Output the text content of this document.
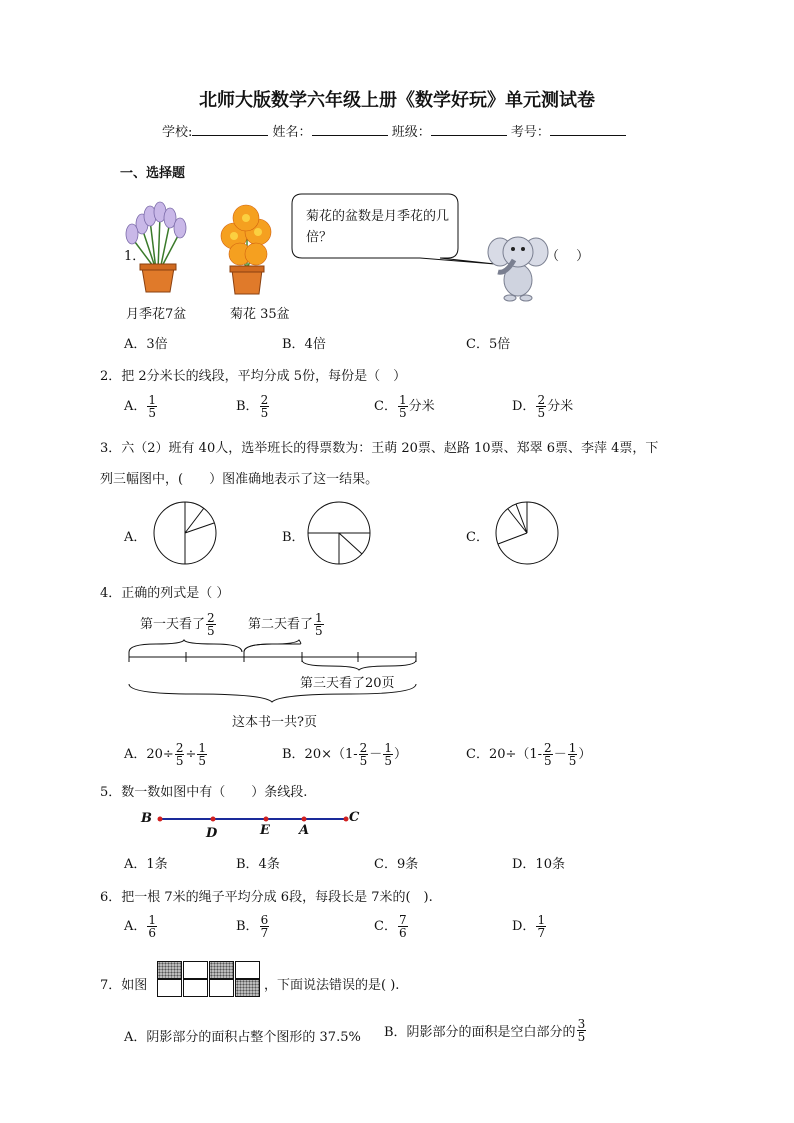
北师大版数学六年级上册《数学好玩》单元测试卷
学校:	姓名：	班级：	考号：
一、选择题
1．
菊花的盆数是月季花的几倍？
（　 ）
月季花7盆	菊花 35盆
A．3倍	B．4倍	C．5倍
2．把 2分米长的线段，平均分成 5份，每份是（　）
A． $\frac{1}{5}$	B． $\frac{2}{5}$	C． $\frac{1}{5}$ 分米	D． $\frac{2}{5}$ 分米
3．六（2）班有 40人，选举班长的得票数为：王萌 20票、赵路 10票、郑翠 6票、李萍 4票，下
列三幅图中，(　　）图准确地表示了这一结果。
A．	B．	C．
4．正确的列式是（ ）
第一天看了 $\frac{2}{5}$ 第二天看了 $\frac{1}{5}$
第三天看了20页
这本书一共?页
A．$20\div \frac{2}{5} \div \frac{1}{5}$	B．$20\times(1- \frac{2}{5} - \frac{1}{5}$ ）	C．$20\div(1- \frac{2}{5} - \frac{1}{5}$ ）
5．数一数如图中有（　　）条线段.
B
D	E A
C
A．1条	B．4条	C．9条	D．10条
6．把一根 7米的绳子平均分成 6段，每段长是 7米的(　).
A． $\frac{1}{6}$	B． $\frac{6}{7}$	C． $\frac{7}{6}$	D． $\frac{1}{7}$
7．如图	，下面说法错误的是( ).
A．阴影部分的面积占整个图形的 37.5% B．阴影部分的面积是空白部分的 $\frac{3}{5}$
